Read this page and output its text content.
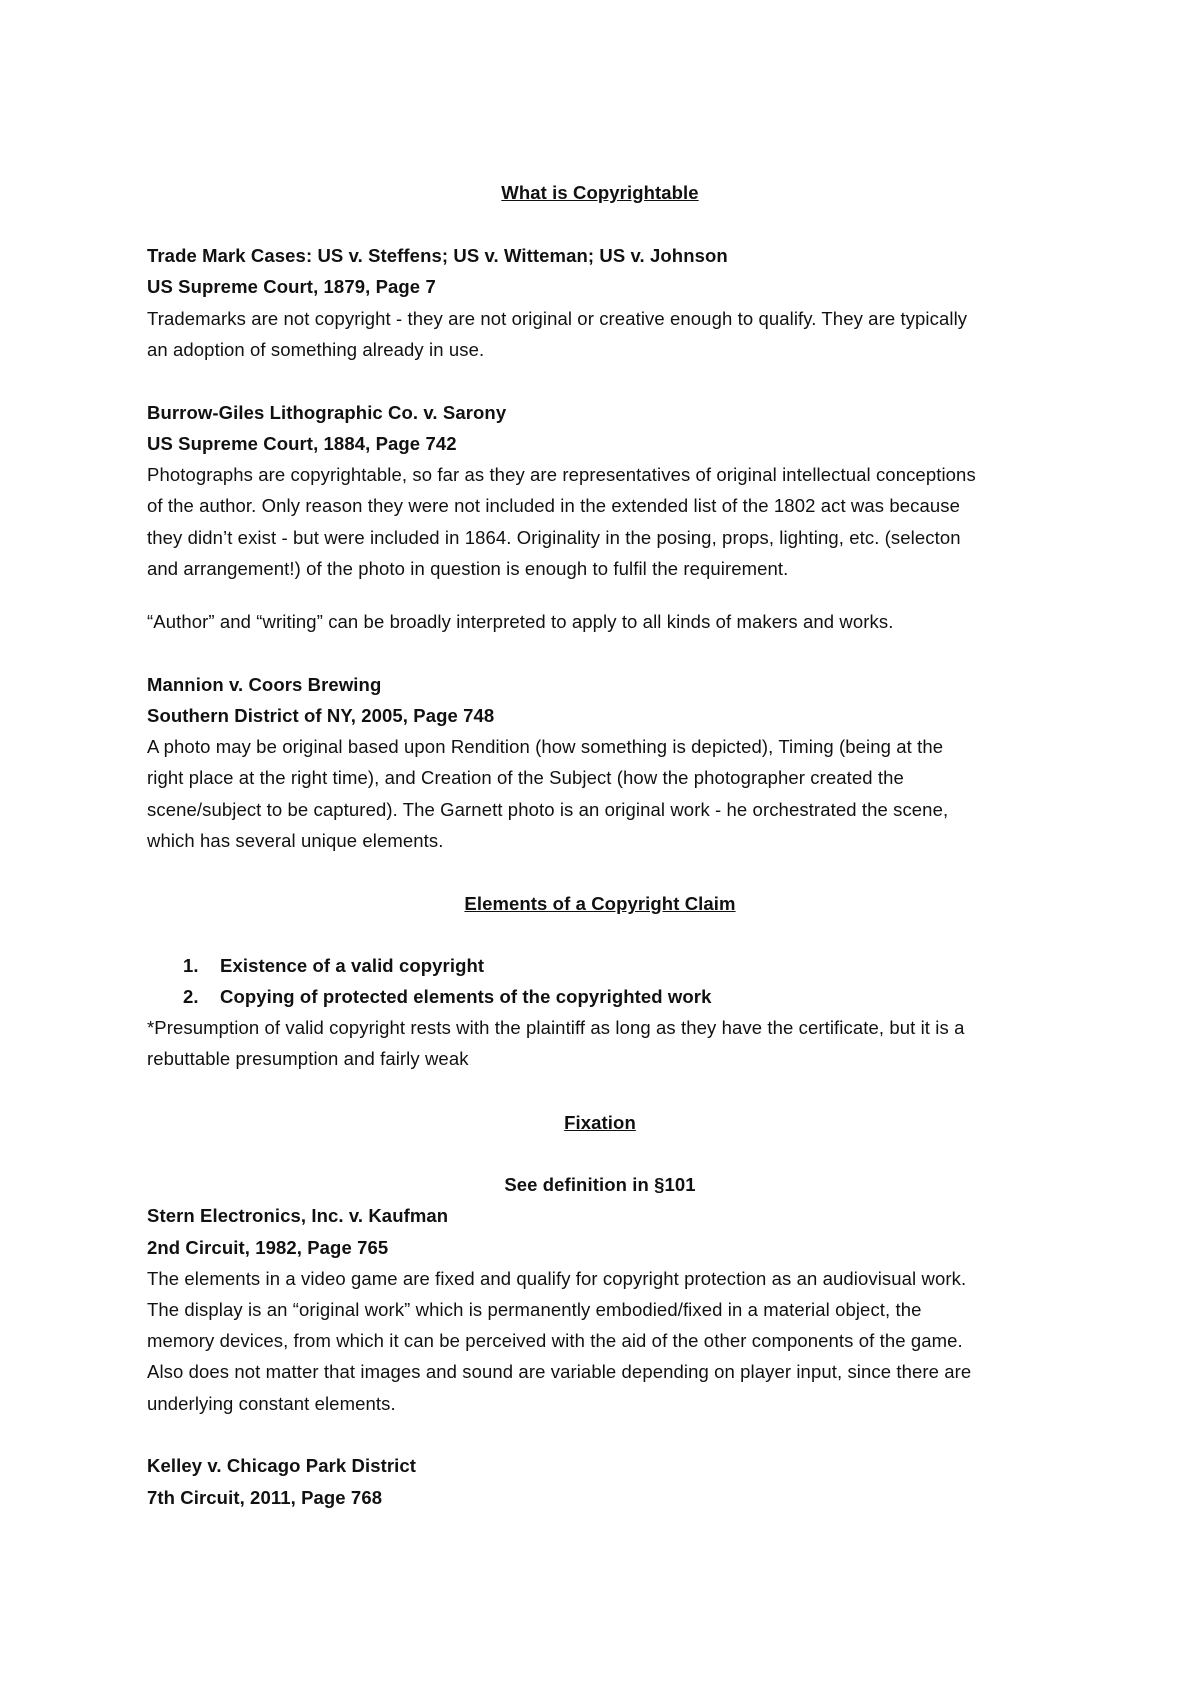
What is Copyrightable
Trade Mark Cases: US v. Steffens; US v. Witteman; US v. Johnson
US Supreme Court, 1879, Page 7
Trademarks are not copyright - they are not original or creative enough to qualify. They are typically
an adoption of something already in use.
Burrow-Giles Lithographic Co. v. Sarony
US Supreme Court, 1884, Page 742
Photographs are copyrightable, so far as they are representatives of original intellectual conceptions
of the author. Only reason they were not included in the extended list of the 1802 act was because
they didn’t exist - but were included in 1864. Originality in the posing, props, lighting, etc. (selecton
and arrangement!) of the photo in question is enough to fulfil the requirement.
“Author” and “writing” can be broadly interpreted to apply to all kinds of makers and works.
Mannion v. Coors Brewing
Southern District of NY, 2005, Page 748
A photo may be original based upon Rendition (how something is depicted), Timing (being at the
right place at the right time), and Creation of the Subject (how the photographer created the
scene/subject to be captured). The Garnett photo is an original work - he orchestrated the scene,
which has several unique elements.
Elements of a Copyright Claim
1.	Existence of a valid copyright
2.	Copying of protected elements of the copyrighted work
*Presumption of valid copyright rests with the plaintiff as long as they have the certificate, but it is a
rebuttable presumption and fairly weak
Fixation
See definition in §101
Stern Electronics, Inc. v. Kaufman
2nd Circuit, 1982, Page 765
The elements in a video game are fixed and qualify for copyright protection as an audiovisual work.
The display is an “original work” which is permanently embodied/fixed in a material object, the
memory devices, from which it can be perceived with the aid of the other components of the game.
Also does not matter that images and sound are variable depending on player input, since there are
underlying constant elements.
Kelley v. Chicago Park District
7th Circuit, 2011, Page 768
